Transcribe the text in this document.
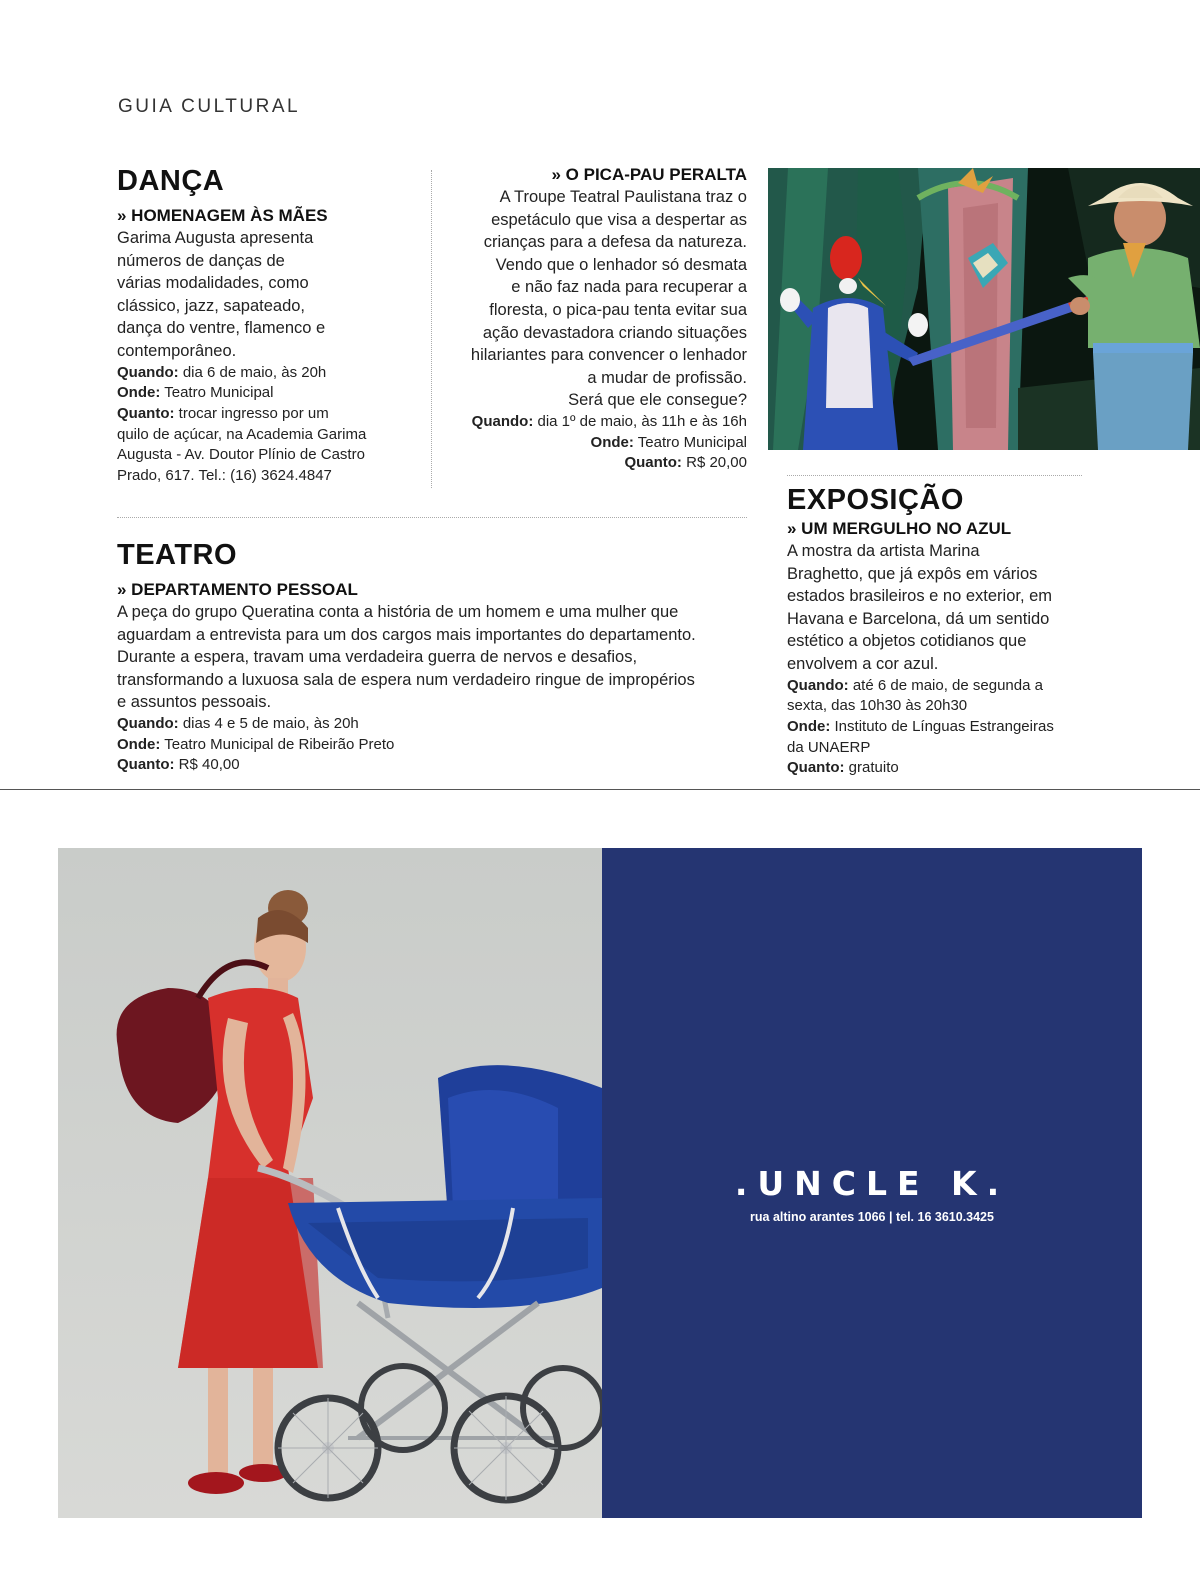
GUIA CULTURAL
DANÇA
» HOMENAGEM ÀS MÃES
Garima Augusta apresenta
números de danças de
várias modalidades, como
clássico, jazz, sapateado,
dança do ventre, flamenco e
contemporâneo.
Quando: dia 6 de maio, às 20h
Onde: Teatro Municipal
Quanto: trocar ingresso por um
quilo de açúcar, na Academia Garima
Augusta - Av. Doutor Plínio de Castro
Prado, 617. Tel.: (16) 3624.4847
» O PICA-PAU PERALTA
A Troupe Teatral Paulistana traz o
espetáculo que visa a despertar as
crianças para a defesa da natureza.
Vendo que o lenhador só desmata
e não faz nada para recuperar a
floresta, o pica-pau tenta evitar sua
ação devastadora criando situações
hilariantes para convencer o lenhador
a mudar de profissão.
Será que ele consegue?
Quando: dia 1º de maio, às 11h e às 16h
Onde: Teatro Municipal
Quanto: R$ 20,00
TEATRO
» DEPARTAMENTO PESSOAL
A peça do grupo Queratina conta a história de um homem e uma mulher que
aguardam a entrevista para um dos cargos mais importantes do departamento.
Durante a espera, travam uma verdadeira guerra de nervos e desafios,
transformando a luxuosa sala de espera num verdadeiro ringue de impropérios
e assuntos pessoais.
Quando: dias 4 e 5 de maio, às 20h
Onde: Teatro Municipal de Ribeirão Preto
Quanto: R$ 40,00
EXPOSIÇÃO
» UM MERGULHO NO AZUL
A mostra da artista Marina
Braghetto, que já expôs em vários
estados brasileiros e no exterior, em
Havana e Barcelona, dá um sentido
estético a objetos cotidianos que
envolvem a cor azul.
Quando: até 6 de maio, de segunda a
sexta, das 10h30 às 20h30
Onde: Instituto de Línguas Estrangeiras
da UNAERP
Quanto: gratuito
.UNCLE K.
rua altino arantes 1066 | tel. 16 3610.3425
